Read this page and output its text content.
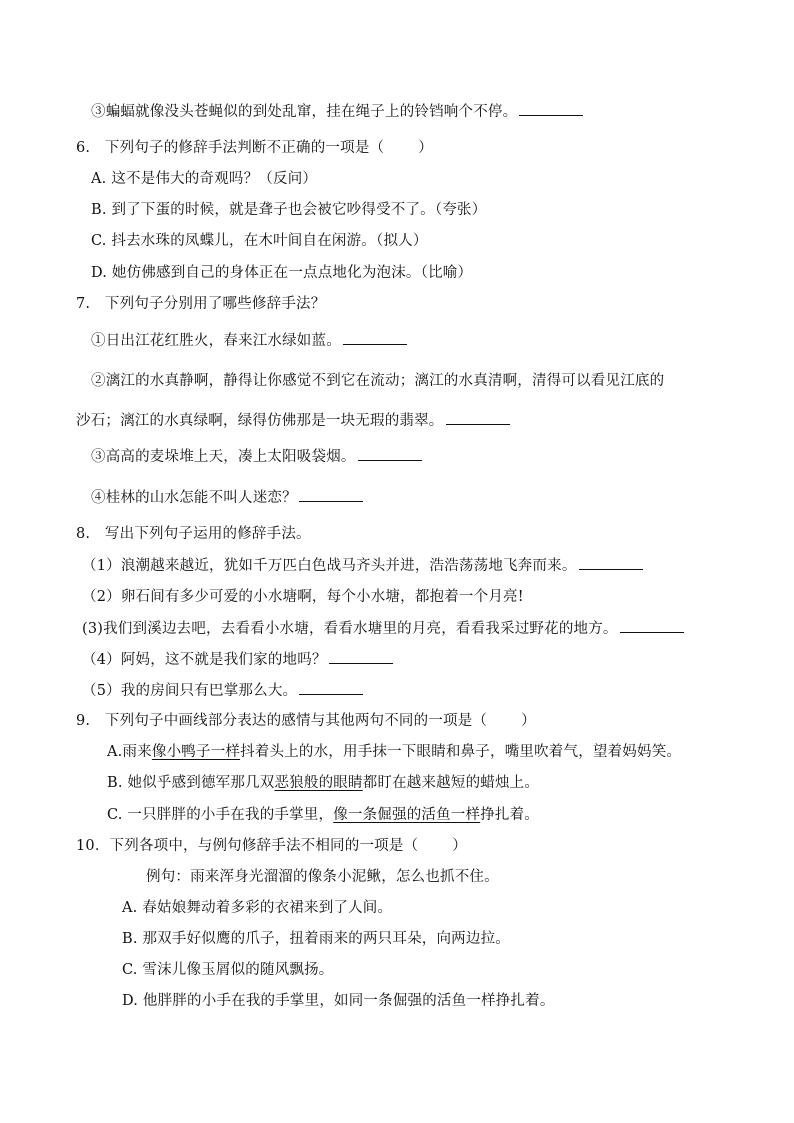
③蝙蝠就像没头苍蝇似的到处乱窜，挂在绳子上的铃铛响个不停。
6.　下列句子的修辞手法判断不正确的一项是（ ）
A. 这不是伟大的奇观吗？（反问）
B. 到了下蛋的时候，就是聋子也会被它吵得受不了。（夸张）
C. 抖去水珠的凤蝶儿，在木叶间自在闲游。（拟人）
D. 她仿佛感到自己的身体正在一点点地化为泡沫。（比喻）
7.　下列句子分别用了哪些修辞手法？
①日出江花红胜火，春来江水绿如蓝。
②漓江的水真静啊，静得让你感觉不到它在流动；漓江的水真清啊，清得可以看见江底的
沙石；漓江的水真绿啊，绿得仿佛那是一块无瑕的翡翠。
③高高的麦垛堆上天，凑上太阳吸袋烟。
④桂林的山水怎能不叫人迷恋？
8.　写出下列句子运用的修辞手法。
（1）浪潮越来越近，犹如千万匹白色战马齐头并进，浩浩荡荡地飞奔而来。
（2）卵石间有多少可爱的小水塘啊，每个小水塘，都抱着一个月亮!
(3)我们到溪边去吧，去看看小水塘，看看水塘里的月亮，看看我采过野花的地方。
（4）阿妈，这不就是我们家的地吗？
（5）我的房间只有巴掌那么大。
9.　下列句子中画线部分表达的感情与其他两句不同的一项是（ ）
A.雨来像小鸭子一样抖着头上的水，用手抹一下眼睛和鼻子，嘴里吹着气，望着妈妈笑。
B. 她似乎感到德军那几双恶狼般的眼睛都盯在越来越短的蜡烛上。
C. 一只胖胖的小手在我的手掌里，像一条倔强的活鱼一样挣扎着。
10．下列各项中，与例句修辞手法不相同的一项是（ ）
例句：雨来浑身光溜溜的像条小泥鳅，怎么也抓不住。
A. 春姑娘舞动着多彩的衣裙来到了人间。
B. 那双手好似鹰的爪子，扭着雨来的两只耳朵，向两边拉。
C. 雪沫儿像玉屑似的随风飘扬。
D. 他胖胖的小手在我的手掌里，如同一条倔强的活鱼一样挣扎着。
